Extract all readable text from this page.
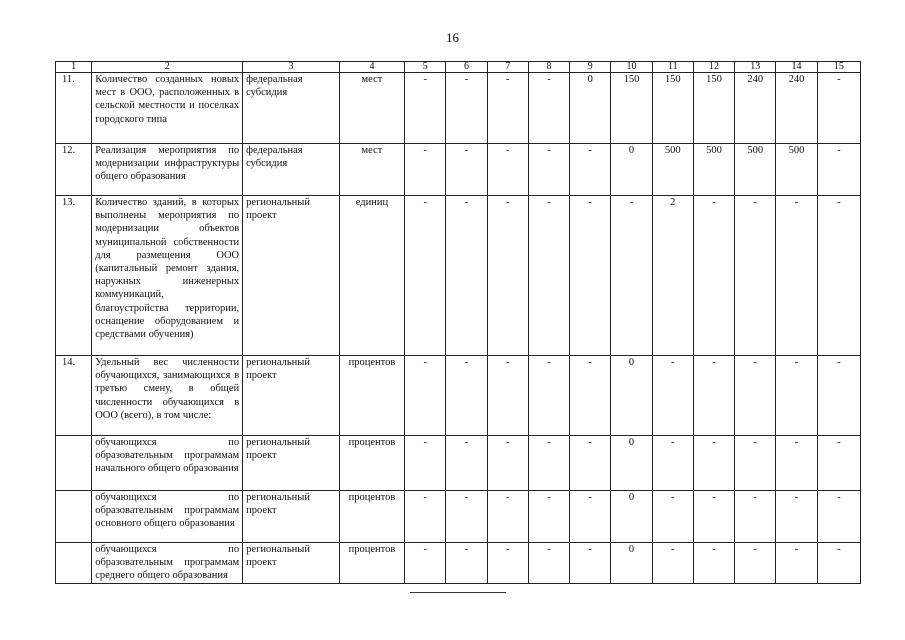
16
1	2	3	4	5	6	7	8	9	10	11	12	13	14	15
11.	Количество созданных новых мест в ООО, расположенных в сельской местности и поселках городского типа	федеральная субсидия	мест	-	-	-	-	0	150	150	150	240	240	-
12.	Реализация мероприятия по модернизации инфраструктуры общего образования	федеральная субсидия	мест	-	-	-	-	-	0	500	500	500	500	-
13.	Количество зданий, в которых выполнены мероприятия по модернизации объектов муниципальной собственности для размещения ООО (капитальный ремонт здания, наружных инженерных коммуникаций, благоустройства территории, оснащение оборудованием и средствами обучения)	региональный проект	единиц	-	-	-	-	-	-	2	-	-	-	-
14.	Удельный вес численности обучающихся, занимающихся в третью смену, в общей численности обучающихся в ООО (всего), в том числе:	региональный проект	процентов	-	-	-	-	-	0	-	-	-	-	-
	обучающихся по образовательным программам начального общего образования	региональный проект	процентов	-	-	-	-	-	0	-	-	-	-	-
	обучающихся по образовательным программам основного общего образования	региональный проект	процентов	-	-	-	-	-	0	-	-	-	-	-
	обучающихся по образовательным программам среднего общего образования	региональный проект	процентов	-	-	-	-	-	0	-	-	-	-	-
